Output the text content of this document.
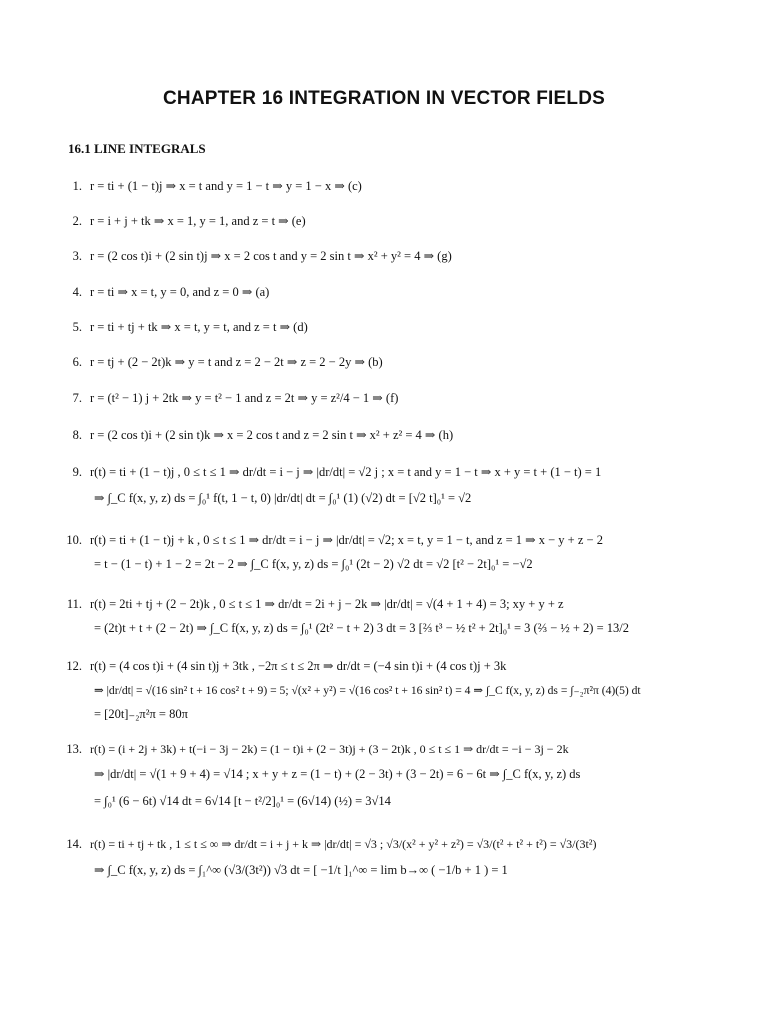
CHAPTER 16 INTEGRATION IN VECTOR FIELDS
16.1 LINE INTEGRALS
1. r = ti + (1 − t)j ⇒ x = t and y = 1 − t ⇒ y = 1 − x ⇒ (c)
2. r = i + j + tk ⇒ x = 1, y = 1, and z = t ⇒ (e)
3. r = (2 cos t)i + (2 sin t)j ⇒ x = 2 cos t and y = 2 sin t ⇒ x² + y² = 4 ⇒ (g)
4. r = ti ⇒ x = t, y = 0, and z = 0 ⇒ (a)
5. r = ti + tj + tk ⇒ x = t, y = t, and z = t ⇒ (d)
6. r = tj + (2 − 2t)k ⇒ y = t and z = 2 − 2t ⇒ z = 2 − 2y ⇒ (b)
7. r = (t² − 1) j + 2tk ⇒ y = t² − 1 and z = 2t ⇒ y = z²/4 − 1 ⇒ (f)
8. r = (2 cos t)i + (2 sin t)k ⇒ x = 2 cos t and z = 2 sin t ⇒ x² + z² = 4 ⇒ (h)
9. r(t) = ti + (1 − t)j , 0 ≤ t ≤ 1 ⇒ dr/dt = i − j ⇒ |dr/dt| = √2 j ; x = t and y = 1 − t ⇒ x + y = t + (1 − t) = 1
⇒ ∫_C f(x, y, z) ds = ∫₀¹ f(t, 1 − t, 0) |dr/dt| dt = ∫₀¹ (1) (√2) dt = [√2 t]₀¹ = √2
10. r(t) = ti + (1 − t)j + k , 0 ≤ t ≤ 1 ⇒ dr/dt = i − j ⇒ |dr/dt| = √2; x = t, y = 1 − t, and z = 1 ⇒ x − y + z − 2
= t − (1 − t) + 1 − 2 = 2t − 2 ⇒ ∫_C f(x, y, z) ds = ∫₀¹ (2t − 2) √2 dt = √2 [t² − 2t]₀¹ = −√2
11. r(t) = 2ti + tj + (2 − 2t)k , 0 ≤ t ≤ 1 ⇒ dr/dt = 2i + j − 2k ⇒ |dr/dt| = √(4 + 1 + 4) = 3; xy + y + z
= (2t)t + t + (2 − 2t) ⇒ ∫_C f(x, y, z) ds = ∫₀¹ (2t² − t + 2) 3 dt = 3 [⅔ t³ − ½ t² + 2t]₀¹ = 3 (⅔ − ½ + 2) = 13/2
12. r(t) = (4 cos t)i + (4 sin t)j + 3tk , −2π ≤ t ≤ 2π ⇒ dr/dt = (−4 sin t)i + (4 cos t)j + 3k
⇒ |dr/dt| = √(16 sin² t + 16 cos² t + 9) = 5; √(x² + y²) = √(16 cos² t + 16 sin² t) = 4 ⇒ ∫_C f(x, y, z) ds = ∫₋₂π²π (4)(5) dt
= [20t]₋₂π²π = 80π
13. r(t) = (i + 2j + 3k) + t(−i − 3j − 2k) = (1 − t)i + (2 − 3t)j + (3 − 2t)k , 0 ≤ t ≤ 1 ⇒ dr/dt = −i − 3j − 2k
⇒ |dr/dt| = √(1 + 9 + 4) = √14 ; x + y + z = (1 − t) + (2 − 3t) + (3 − 2t) = 6 − 6t ⇒ ∫_C f(x, y, z) ds
= ∫₀¹ (6 − 6t) √14 dt = 6√14 [t − t²/2]₀¹ = (6√14) (½) = 3√14
14. r(t) = ti + tj + tk , 1 ≤ t ≤ ∞ ⇒ dr/dt = i + j + k ⇒ |dr/dt| = √3 ; √3/(x² + y² + z²) = √3/(t² + t² + t²) = √3/(3t²)
⇒ ∫_C f(x, y, z) ds = ∫₁^∞ (√3/(3t²)) √3 dt = [ −1/t ]₁^∞ = lim b→∞ ( −1/b + 1 ) = 1
